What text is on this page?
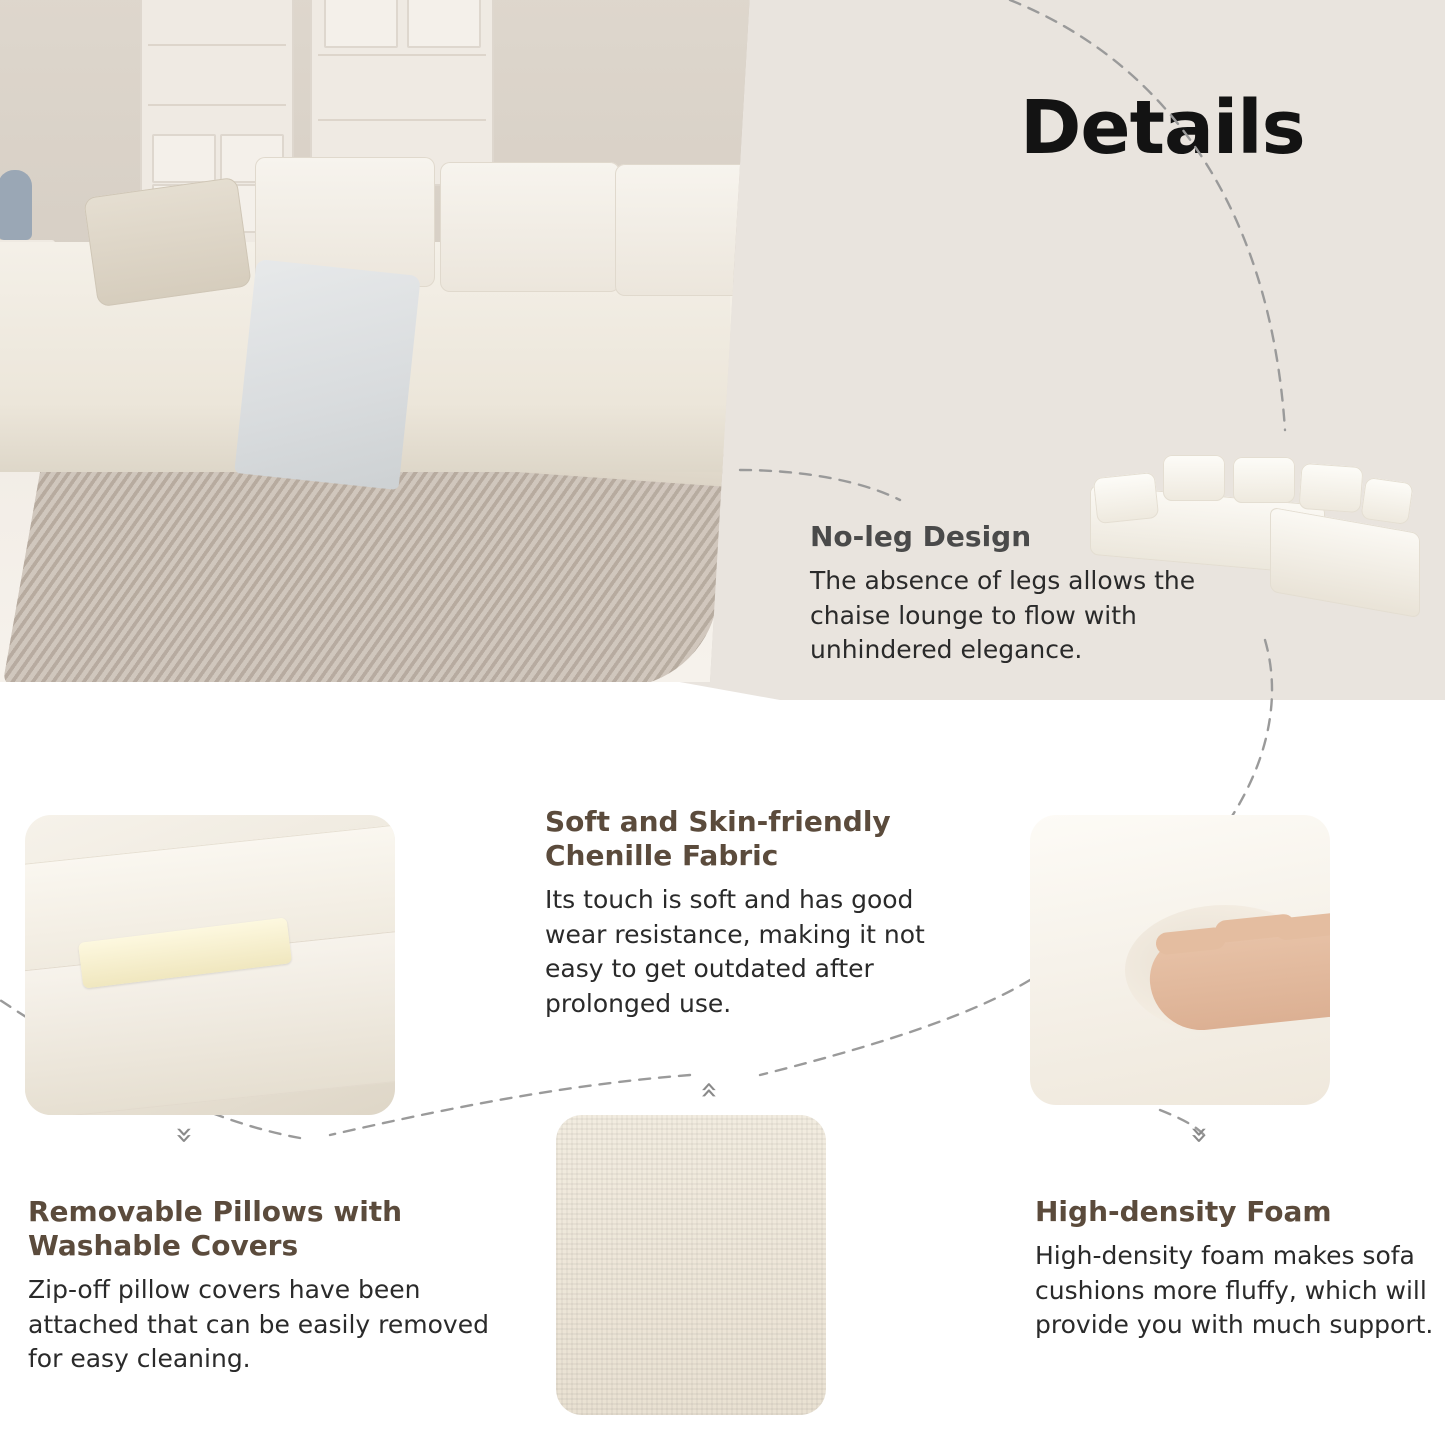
Details
«
»	»
No-leg Design

The absence of legs allows the chaise lounge to flow with unhindered elegance.

Soft and Skin-friendly Chenille Fabric

Its touch is soft and has good wear resistance, making it not easy to get outdated after prolonged use.

Removable Pillows with Washable Covers

Zip-off pillow covers have been attached that can be easily removed for easy cleaning.

High-density Foam

High-density foam makes sofa cushions more fluffy, which will provide you with much support.
